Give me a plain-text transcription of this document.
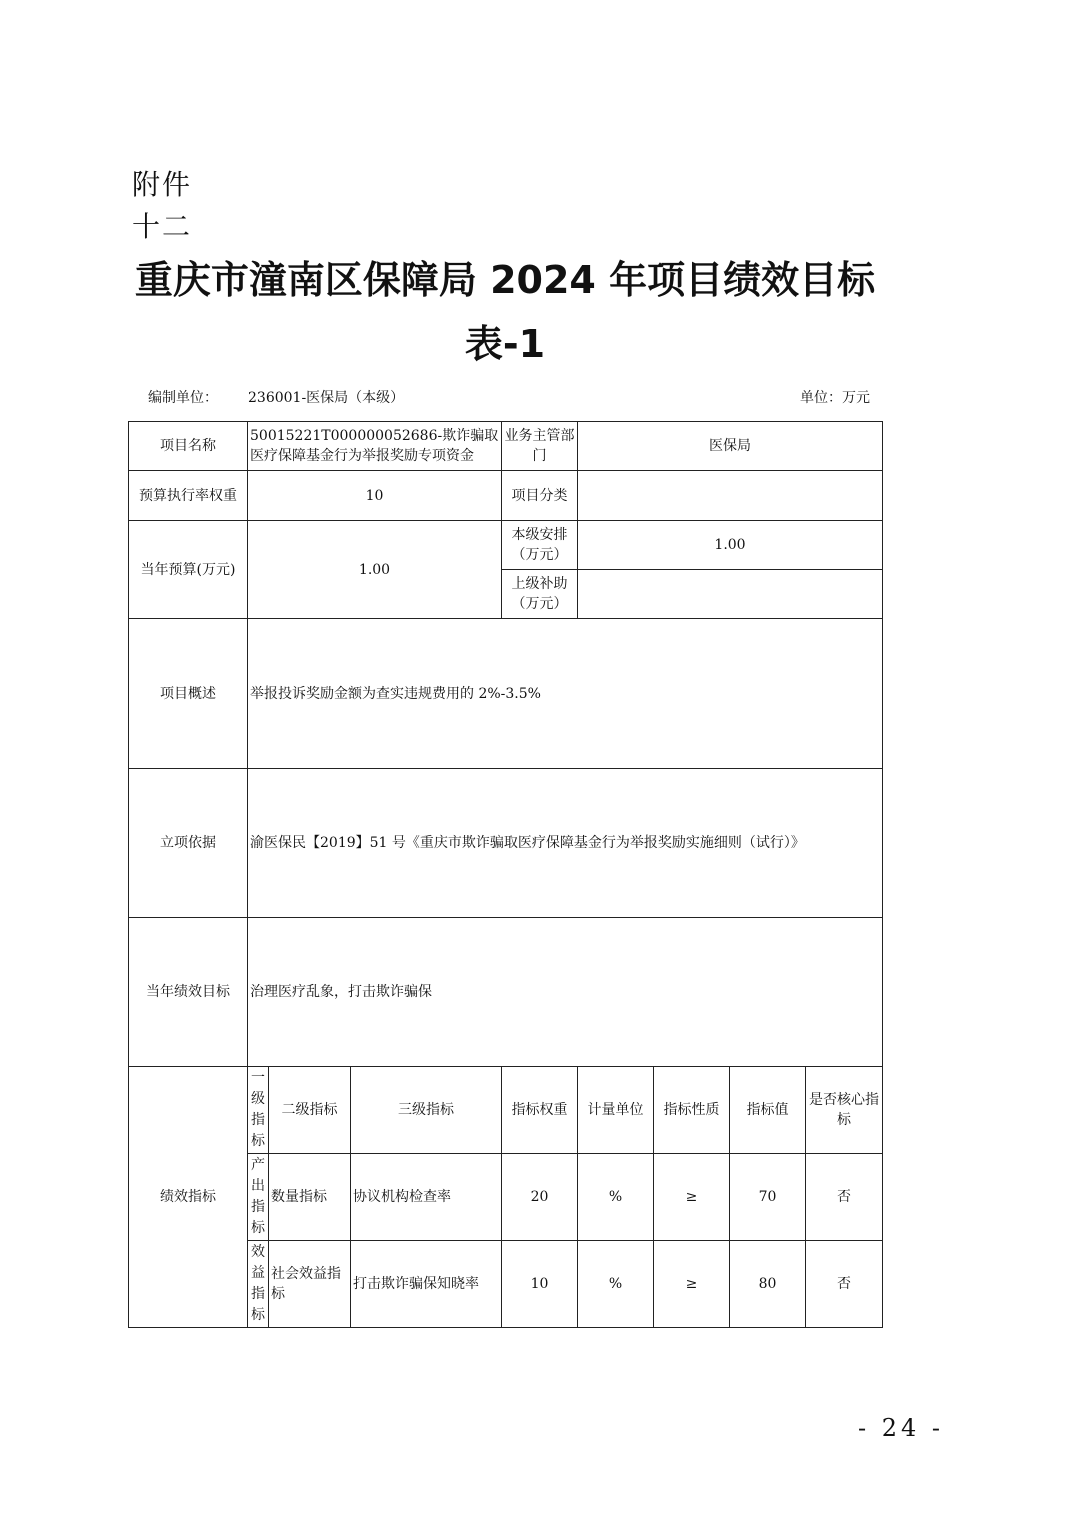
附件
十二
重庆市潼南区保障局 2024 年项目绩效目标
表-1
编制单位： 236001-医保局（本级）	单位：万元
项目名称	50015221T000000052686-欺诈骗取医疗保障基金行为举报奖励专项资金			业务主管部门	医保局			
预算执行率权重	10			项目分类				
当年预算(万元)	1.00			本级安排（万元）	1.00			
				上级补助（万元）				
项目概述	举报投诉奖励金额为查实违规费用的 2%-3.5%							
立项依据	渝医保民【2019】51 号《重庆市欺诈骗取医疗保障基金行为举报奖励实施细则（试行）》							
当年绩效目标	治理医疗乱象，打击欺诈骗保							
绩效指标	一级指标	二级指标	三级指标	指标权重	计量单位	指标性质	指标值	是否核心指标
	产出指标	数量指标	协议机构检查率	20	%	≥	70	否
	效益指标	社会效益指标	打击欺诈骗保知晓率	10	%	≥	80	否
- 24 -
